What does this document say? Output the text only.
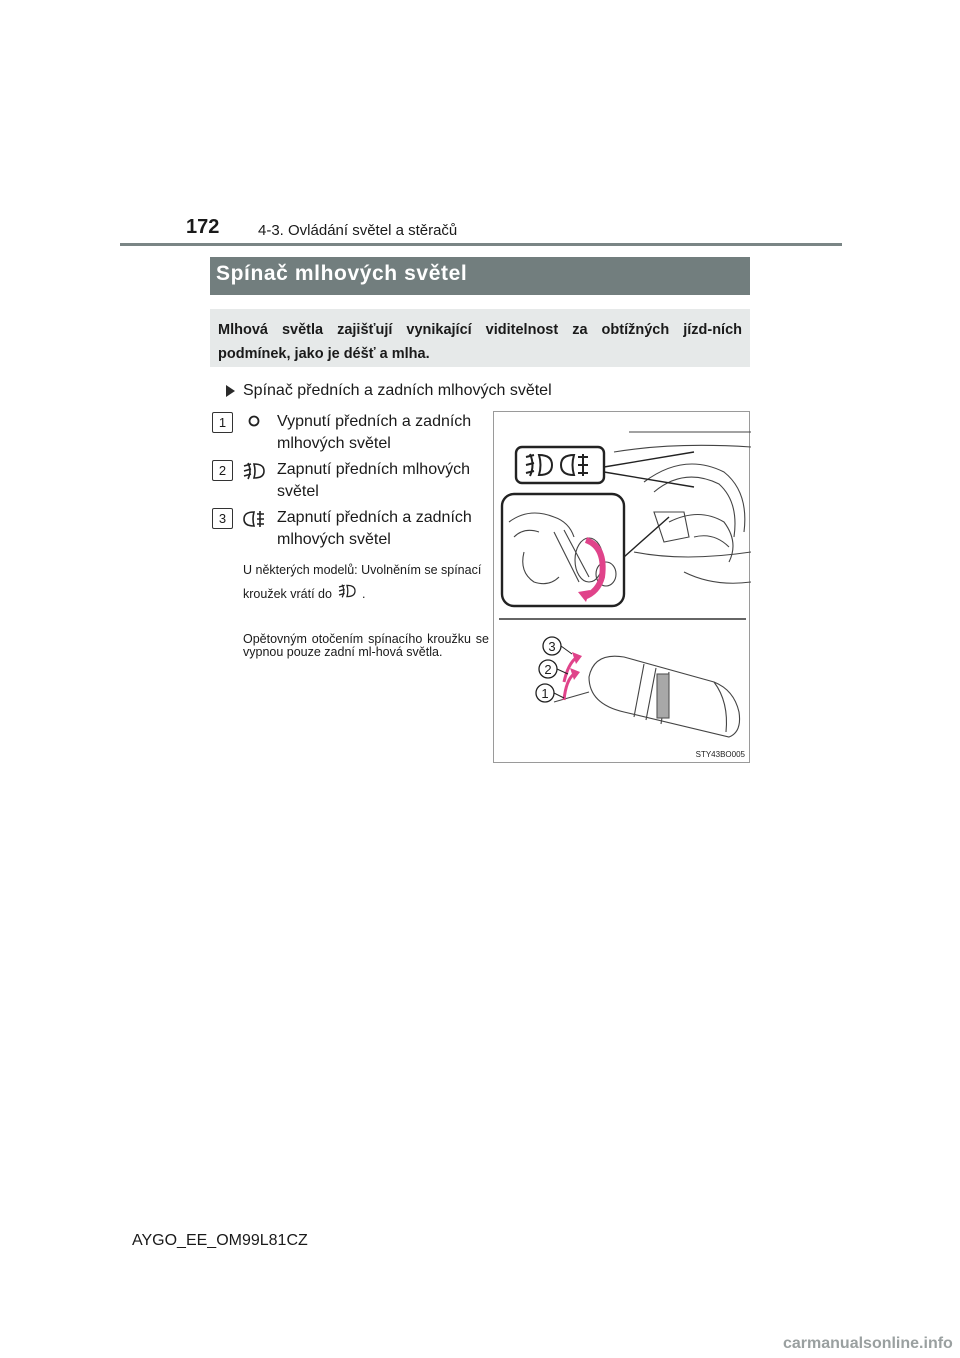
172	4-3. Ovládání světel a stěračů
Spínač mlhových světel
Mlhová světla zajišťují vynikající viditelnost za obtížných jízd-ních podmínek, jako je déšť a mlha.
Spínač předních a zadních mlhových světel
1	Vypnutí předních a zadních mlhových světel
2	Zapnutí předních mlhových světel
3	Zapnutí předních a zadních mlhových světel
U některých modelů: Uvolněním se spínací kroužek vrátí do .
Opětovným otočením spínacího kroužku se vypnou pouze zadní ml-hová světla.	3
2
1
STY43BO005
AYGO_EE_OM99L81CZ
carmanualsonline.info
